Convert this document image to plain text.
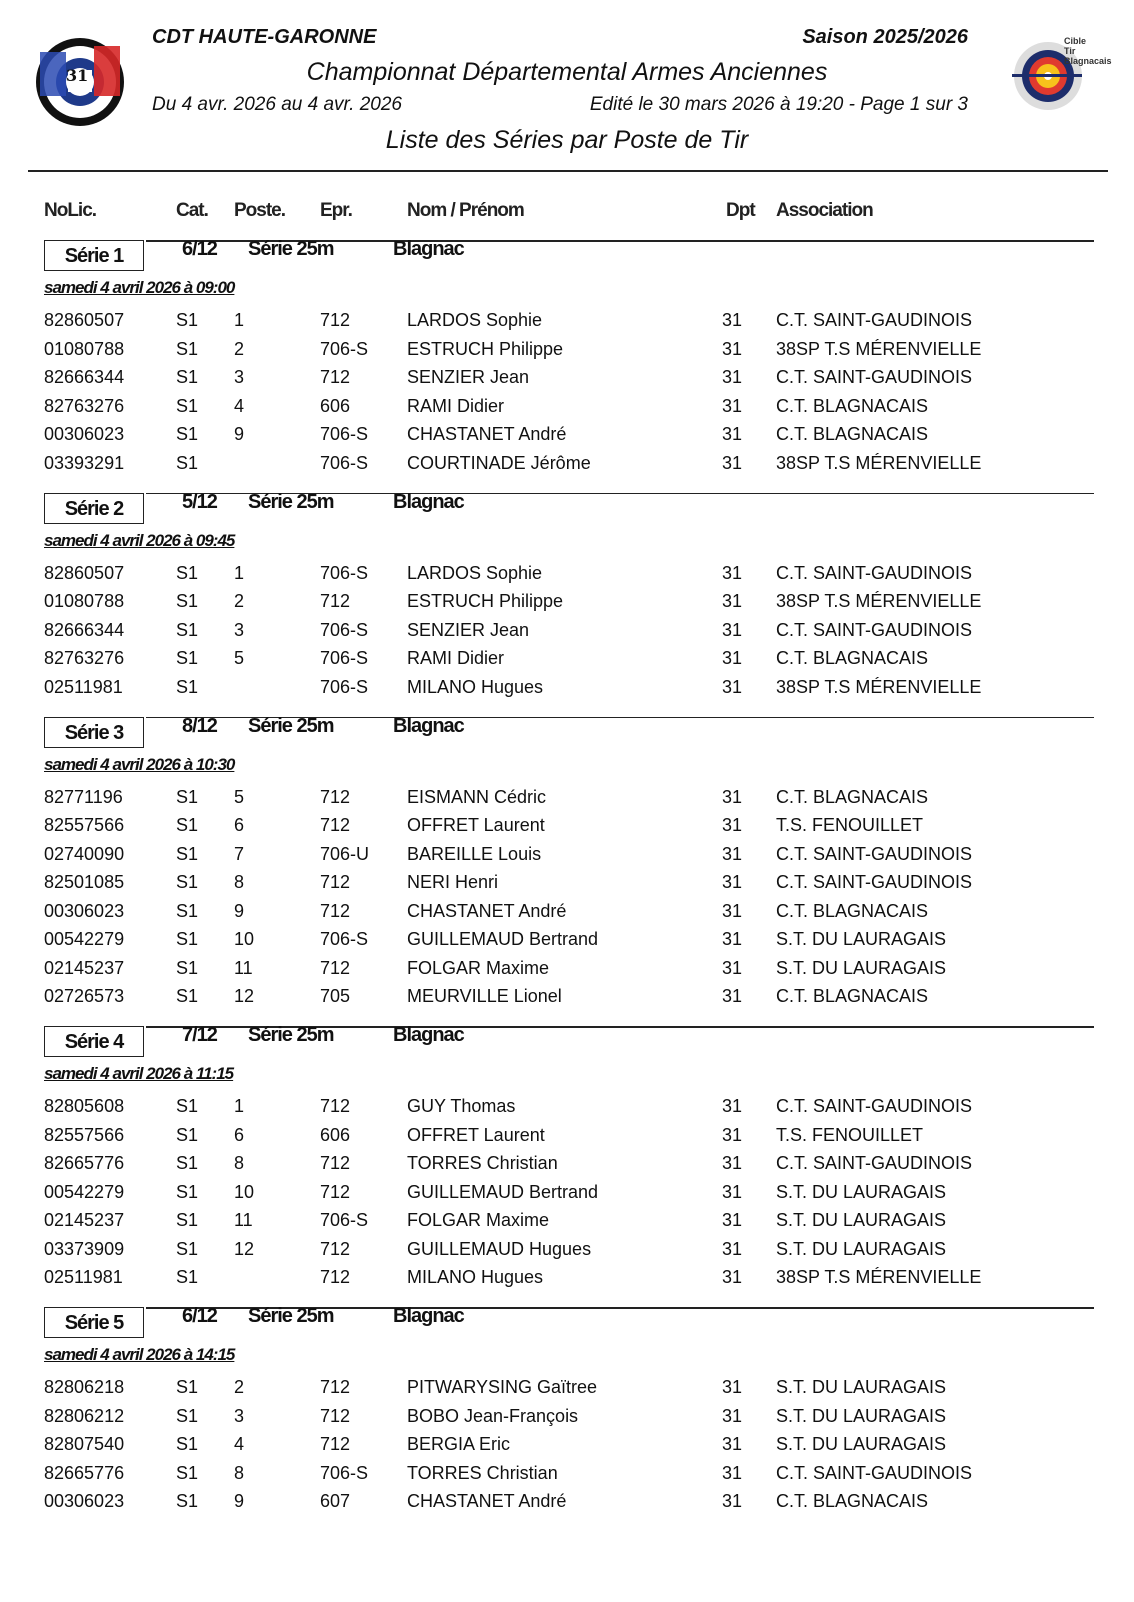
31
Cible
Tir
Blagnacais
CDT HAUTE-GARONNE	Saison 2025/2026
Championnat Départemental Armes Anciennes
Du 4 avr. 2026 au 4 avr. 2026	Edité le 30 mars 2026 à 19:20 - Page 1 sur 3
Liste des Séries par Poste de Tir
NoLic.	Cat. Poste. Epr.	Nom / Prénom	Dpt Association
Série 1	6/12 Série 25m	Blagnac
samedi 4 avril 2026 à 09:00
82860507	S1 1	712	LARDOS Sophie	31 C.T. SAINT-GAUDINOIS
01080788	S1 2	706-S ESTRUCH Philippe	31 38SP T.S MÉRENVIELLE
82666344	S1 3	712	SENZIER Jean	31 C.T. SAINT-GAUDINOIS
82763276	S1 4	606	RAMI Didier	31 C.T. BLAGNACAIS
00306023	S1 9	706-S CHASTANET André	31 C.T. BLAGNACAIS
03393291	S1	706-S COURTINADE Jérôme	31 38SP T.S MÉRENVIELLE
Série 2	5/12 Série 25m	Blagnac
samedi 4 avril 2026 à 09:45
82860507	S1 1	706-S LARDOS Sophie	31 C.T. SAINT-GAUDINOIS
01080788	S1 2	712	ESTRUCH Philippe	31 38SP T.S MÉRENVIELLE
82666344	S1 3	706-S SENZIER Jean	31 C.T. SAINT-GAUDINOIS
82763276	S1 5	706-S RAMI Didier	31 C.T. BLAGNACAIS
02511981	S1	706-S MILANO Hugues	31 38SP T.S MÉRENVIELLE
Série 3	8/12 Série 25m	Blagnac
samedi 4 avril 2026 à 10:30
82771196	S1 5	712	EISMANN Cédric	31 C.T. BLAGNACAIS
82557566	S1 6	712	OFFRET Laurent	31 T.S. FENOUILLET
02740090	S1 7	706-U BAREILLE Louis	31 C.T. SAINT-GAUDINOIS
82501085	S1 8	712	NERI Henri	31 C.T. SAINT-GAUDINOIS
00306023	S1 9	712	CHASTANET André	31 C.T. BLAGNACAIS
00542279	S1 10	706-S GUILLEMAUD Bertrand	31 S.T. DU LAURAGAIS
02145237	S1 11	712	FOLGAR Maxime	31 S.T. DU LAURAGAIS
02726573	S1 12	705	MEURVILLE Lionel	31 C.T. BLAGNACAIS
Série 4	7/12 Série 25m	Blagnac
samedi 4 avril 2026 à 11:15
82805608	S1 1	712	GUY Thomas	31 C.T. SAINT-GAUDINOIS
82557566	S1 6	606	OFFRET Laurent	31 T.S. FENOUILLET
82665776	S1 8	712	TORRES Christian	31 C.T. SAINT-GAUDINOIS
00542279	S1 10	712	GUILLEMAUD Bertrand	31 S.T. DU LAURAGAIS
02145237	S1 11	706-S FOLGAR Maxime	31 S.T. DU LAURAGAIS
03373909	S1 12	712	GUILLEMAUD Hugues	31 S.T. DU LAURAGAIS
02511981	S1	712	MILANO Hugues	31 38SP T.S MÉRENVIELLE
Série 5	6/12 Série 25m	Blagnac
samedi 4 avril 2026 à 14:15
82806218	S1 2	712	PITWARYSING Gaïtree	31 S.T. DU LAURAGAIS
82806212	S1 3	712	BOBO Jean-François	31 S.T. DU LAURAGAIS
82807540	S1 4	712	BERGIA Eric	31 S.T. DU LAURAGAIS
82665776	S1 8	706-S TORRES Christian	31 C.T. SAINT-GAUDINOIS
00306023	S1 9	607	CHASTANET André	31 C.T. BLAGNACAIS
